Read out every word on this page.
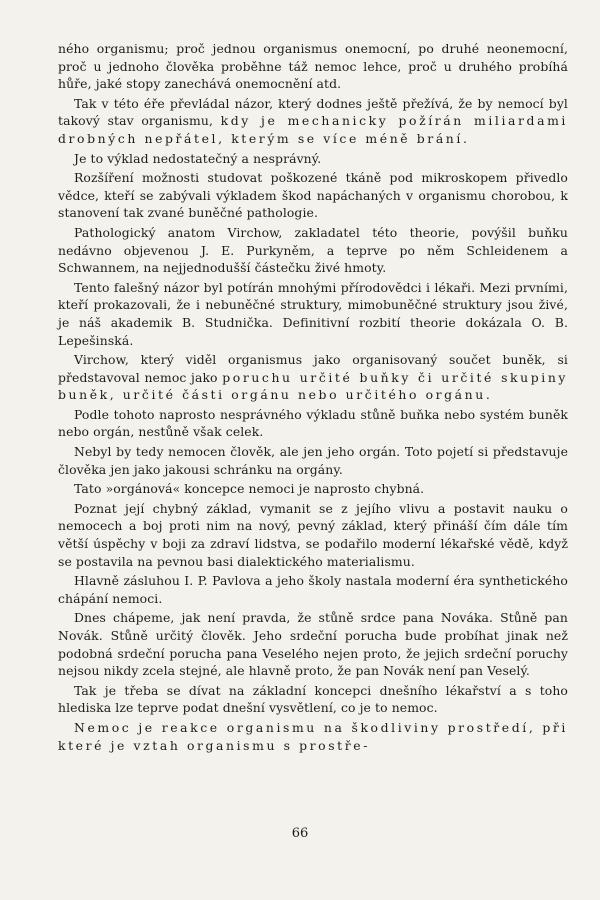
ného organismu; proč jednou organismus onemocní, po druhé neonemocní, proč u jednoho člověka proběhne táž nemoc lehce, proč u druhého probíhá hůře, jaké stopy zanechává onemocnění atd.

Tak v této éře převládal názor, který dodnes ještě přežívá, že by nemocí byl takový stav organismu, kdy je mechanicky požírán miliardami drobných nepřátel, kterým se více méně brání.

Je to výklad nedostatečný a nesprávný.

Rozšíření možnosti studovat poškozené tkáně pod mikroskopem přivedlo vědce, kteří se zabývali výkladem škod napáchaných v organismu chorobou, k stanovení tak zvané buněčné pathologie.

Pathologický anatom Virchow, zakladatel této theorie, povýšil buňku nedávno objevenou J. E. Purkyněm, a teprve po něm Schleidenem a Schwannem, na nejjednodušší částečku živé hmoty.

Tento falešný názor byl potírán mnohými přírodovědci i lékaři. Mezi prvními, kteří prokazovali, že i nebuněčné struktury, mimobuněčné struktury jsou živé, je náš akademik B. Studnička. Definitivní rozbití theorie dokázala O. B. Lepešinská.

Virchow, který viděl organismus jako organisovaný součet buněk, si představoval nemoc jako poruchu určité buňky či určité skupiny buněk, určité části orgánu nebo určitého orgánu.

Podle tohoto naprosto nesprávného výkladu stůně buňka nebo systém buněk nebo orgán, nestůně však celek.

Nebyl by tedy nemocen člověk, ale jen jeho orgán. Toto pojetí si představuje člověka jen jako jakousi schránku na orgány.

Tato »orgánová« koncepce nemoci je naprosto chybná.

Poznat její chybný základ, vymanit se z jejího vlivu a postavit nauku o nemocech a boj proti nim na nový, pevný základ, který přináší čím dále tím větší úspěchy v boji za zdraví lidstva, se podařilo moderní lékařské vědě, když se postavila na pevnou basi dialektického materialismu.

Hlavně zásluhou I. P. Pavlova a jeho školy nastala moderní éra synthetického chápání nemoci.

Dnes chápeme, jak není pravda, že stůně srdce pana Nováka. Stůně pan Novák. Stůně určitý člověk. Jeho srdeční porucha bude probíhat jinak než podobná srdeční porucha pana Veselého nejen proto, že jejich srdeční poruchy nejsou nikdy zcela stejné, ale hlavně proto, že pan Novák není pan Veselý.

Tak je třeba se dívat na základní koncepci dnešního lékařství a s toho hlediska lze teprve podat dnešní vysvětlení, co je to nemoc.

Nemoc je reakce organismu na škodliviny prostředí, při které je vztah organismu s prostře-

66
